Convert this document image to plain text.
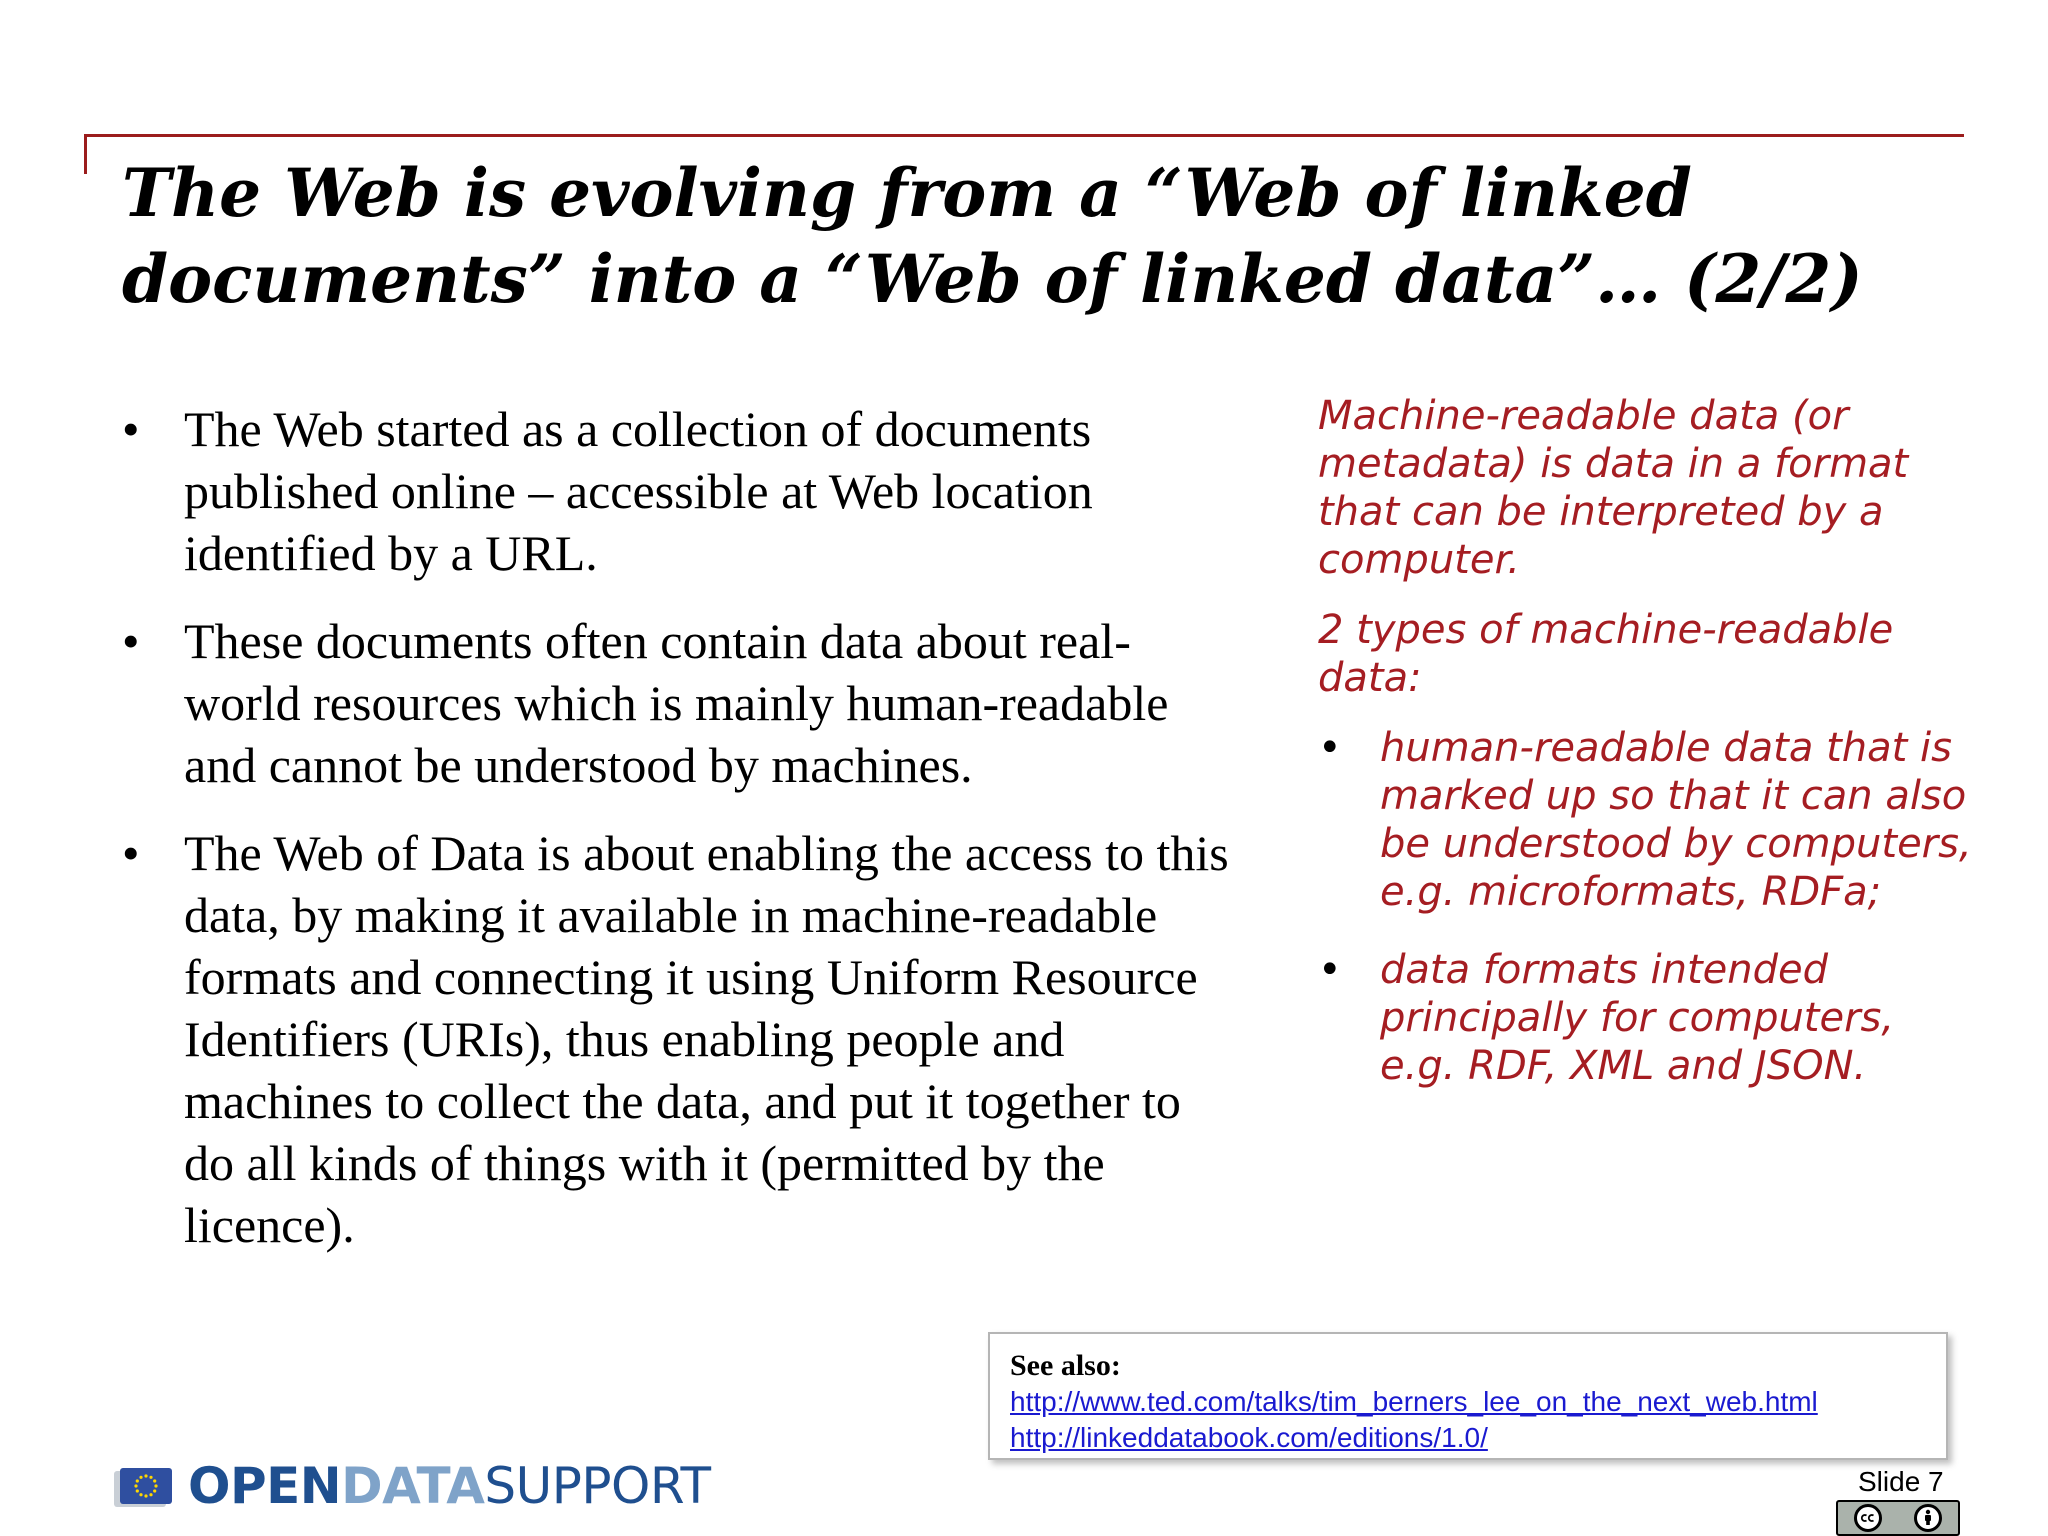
The Web is evolving from a “Web of linked
documents” into a “Web of linked data”… (2/2)
• The Web started as a collection of documents published online – accessible at Web location identified by a URL.
• These documents often contain data about real-world resources which is mainly human-readable and cannot be understood by machines.
• The Web of Data is about enabling the access to this data, by making it available in machine-readable formats and connecting it using Uniform Resource Identifiers (URIs), thus enabling people and machines to collect the data, and put it together to do all kinds of things with it (permitted by the licence).

Machine-readable data (or metadata) is data in a format that can be interpreted by a computer.

2 types of machine-readable data:

• human-readable data that is marked up so that it can also be understood by computers, e.g. microformats, RDFa;
• data formats intended principally for computers, e.g. RDF, XML and JSON.

See also:

http://www.ted.com/talks/tim_berners_lee_on_the_next_web.html
http://linkeddatabook.com/editions/1.0/
OPENDATASUPPORT	Slide 7
